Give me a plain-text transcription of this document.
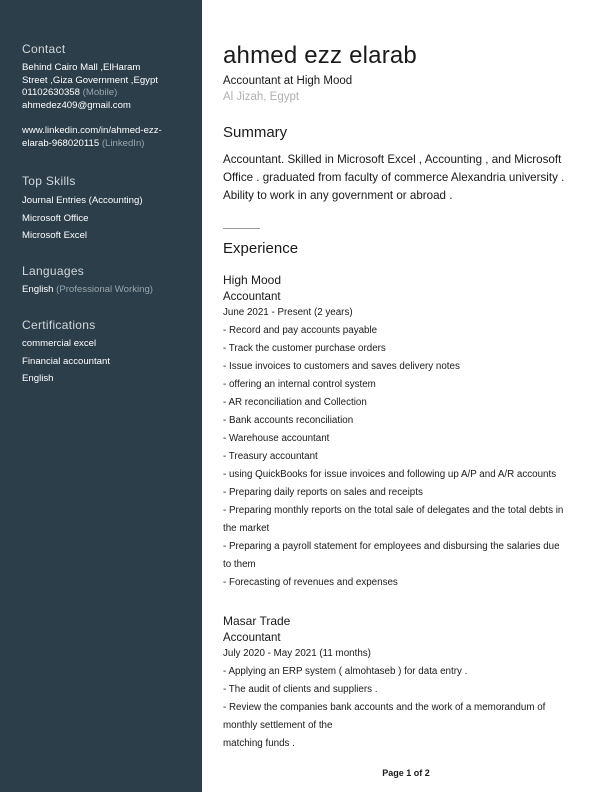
Contact
Behind Cairo Mall ,ElHaram
Street ,Giza Government ,Egypt
01102630358 (Mobile)
ahmedez409@gmail.com
www.linkedin.com/in/ahmed-ezz-
elarab-968020115 (LinkedIn)
Top Skills
Journal Entries (Accounting)
Microsoft Office
Microsoft Excel
Languages
English (Professional Working)
Certifications
commercial excel
Financial accountant
English
ahmed ezz elarab
Accountant at High Mood
Al Jizah, Egypt
Summary
Accountant. Skilled in Microsoft Excel , Accounting , and Microsoft
Office . graduated from faculty of commerce Alexandria university .
Ability to work in any government or abroad .
Experience
High Mood
Accountant
June 2021 - Present (2 years)
- Record and pay accounts payable
- Track the customer purchase orders
- Issue invoices to customers and saves delivery notes
- offering an internal control system
- AR reconciliation and Collection
- Bank accounts reconciliation
- Warehouse accountant
- Treasury accountant
- using QuickBooks for issue invoices and following up A/P and A/R accounts
- Preparing daily reports on sales and receipts
- Preparing monthly reports on the total sale of delegates and the total debts in
the market
- Preparing a payroll statement for employees and disbursing the salaries due
to them
- Forecasting of revenues and expenses
Masar Trade
Accountant
July 2020 - May 2021 (11 months)
- Applying an ERP system ( almohtaseb ) for data entry .
- The audit of clients and suppliers .
- Review the companies bank accounts and the work of a memorandum of
monthly settlement of the
matching funds .
Page 1 of 2
